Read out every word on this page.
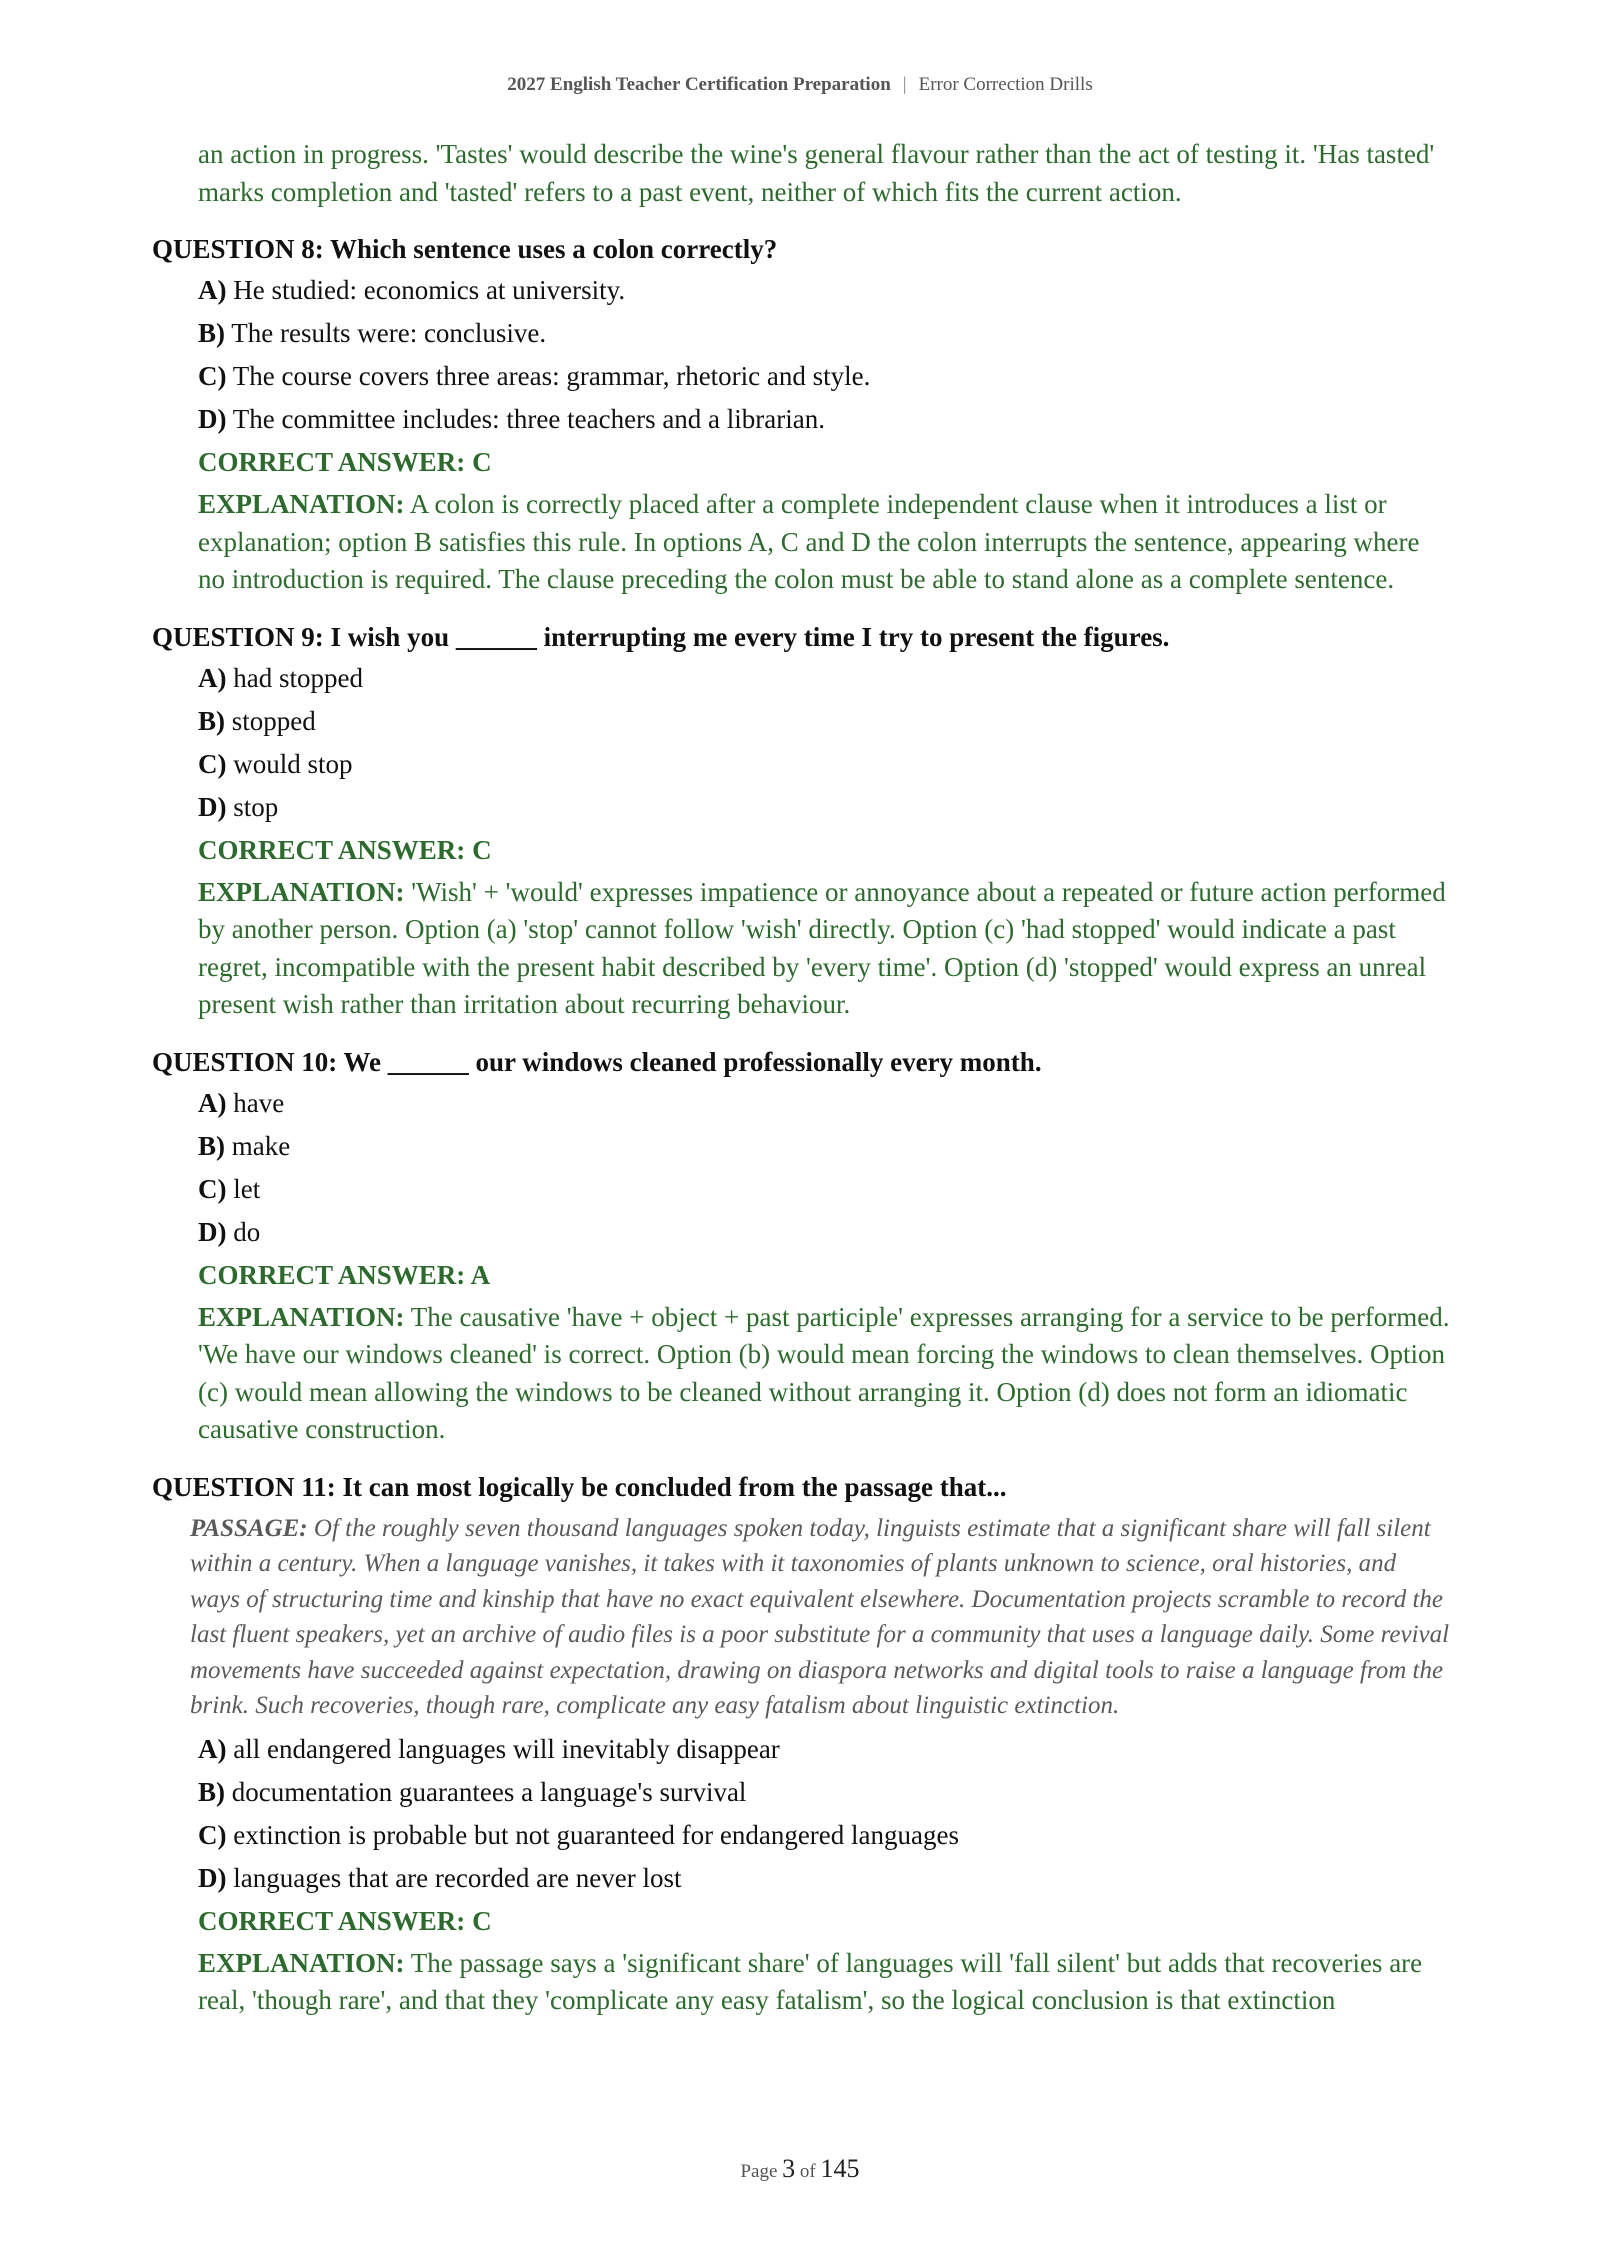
2027 English Teacher Certification Preparation | Error Correction Drills
an action in progress. 'Tastes' would describe the wine's general flavour rather than the act of testing it. 'Has tasted' marks completion and 'tasted' refers to a past event, neither of which fits the current action.

QUESTION 8: Which sentence uses a colon correctly?

A) He studied: economics at university.
B) The results were: conclusive.
C) The course covers three areas: grammar, rhetoric and style.
D) The committee includes: three teachers and a librarian.
CORRECT ANSWER: C
EXPLANATION: A colon is correctly placed after a complete independent clause when it introduces a list or explanation; option B satisfies this rule. In options A, C and D the colon interrupts the sentence, appearing where no introduction is required. The clause preceding the colon must be able to stand alone as a complete sentence.

QUESTION 9: I wish you ______ interrupting me every time I try to present the figures.

A) had stopped
B) stopped
C) would stop
D) stop
CORRECT ANSWER: C
EXPLANATION: 'Wish' + 'would' expresses impatience or annoyance about a repeated or future action performed by another person. Option (a) 'stop' cannot follow 'wish' directly. Option (c) 'had stopped' would indicate a past regret, incompatible with the present habit described by 'every time'. Option (d) 'stopped' would express an unreal present wish rather than irritation about recurring behaviour.

QUESTION 10: We ______ our windows cleaned professionally every month.

A) have
B) make
C) let
D) do
CORRECT ANSWER: A
EXPLANATION: The causative 'have + object + past participle' expresses arranging for a service to be performed. 'We have our windows cleaned' is correct. Option (b) would mean forcing the windows to clean themselves. Option (c) would mean allowing the windows to be cleaned without arranging it. Option (d) does not form an idiomatic causative construction.

QUESTION 11: It can most logically be concluded from the passage that...

PASSAGE: Of the roughly seven thousand languages spoken today, linguists estimate that a significant share will fall silent within a century. When a language vanishes, it takes with it taxonomies of plants unknown to science, oral histories, and ways of structuring time and kinship that have no exact equivalent elsewhere. Documentation projects scramble to record the last fluent speakers, yet an archive of audio files is a poor substitute for a community that uses a language daily. Some revival movements have succeeded against expectation, drawing on diaspora networks and digital tools to raise a language from the brink. Such recoveries, though rare, complicate any easy fatalism about linguistic extinction.
A) all endangered languages will inevitably disappear
B) documentation guarantees a language's survival
C) extinction is probable but not guaranteed for endangered languages
D) languages that are recorded are never lost
CORRECT ANSWER: C
EXPLANATION: The passage says a 'significant share' of languages will 'fall silent' but adds that recoveries are real, 'though rare', and that they 'complicate any easy fatalism', so the logical conclusion is that extinction
Page 3 of 145
